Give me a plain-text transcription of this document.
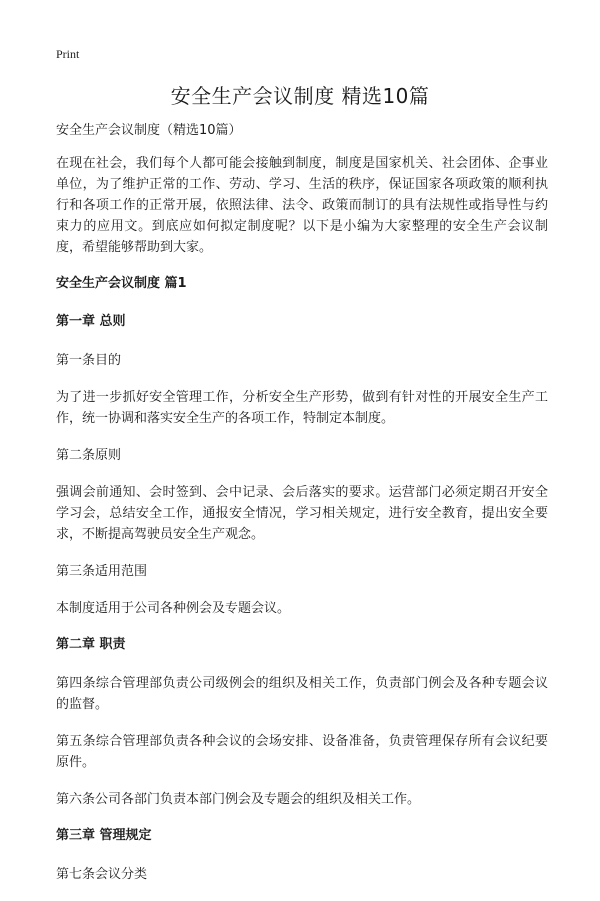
Print
安全生产会议制度 精选10篇

安全生产会议制度（精选10篇）

在现在社会，我们每个人都可能会接触到制度，制度是国家机关、社会团体、企事业单位，为了维护正常的工作、劳动、学习、生活的秩序，保证国家各项政策的顺利执行和各项工作的正常开展，依照法律、法令、政策而制订的具有法规性或指导性与约束力的应用文。到底应如何拟定制度呢？以下是小编为大家整理的安全生产会议制度，希望能够帮助到大家。

安全生产会议制度 篇1
第一章 总则

第一条目的

为了进一步抓好安全管理工作，分析安全生产形势，做到有针对性的开展安全生产工作，统一协调和落实安全生产的各项工作，特制定本制度。

第二条原则

强调会前通知、会时签到、会中记录、会后落实的要求。运营部门必须定期召开安全学习会，总结安全工作，通报安全情况，学习相关规定，进行安全教育，提出安全要求，不断提高驾驶员安全生产观念。

第三条适用范围

本制度适用于公司各种例会及专题会议。

第二章 职责

第四条综合管理部负责公司级例会的组织及相关工作，负责部门例会及各种专题会议的监督。

第五条综合管理部负责各种会议的会场安排、设备准备，负责管理保存所有会议纪要原件。

第六条公司各部门负责本部门例会及专题会的组织及相关工作。

第三章 管理规定

第七条会议分类
